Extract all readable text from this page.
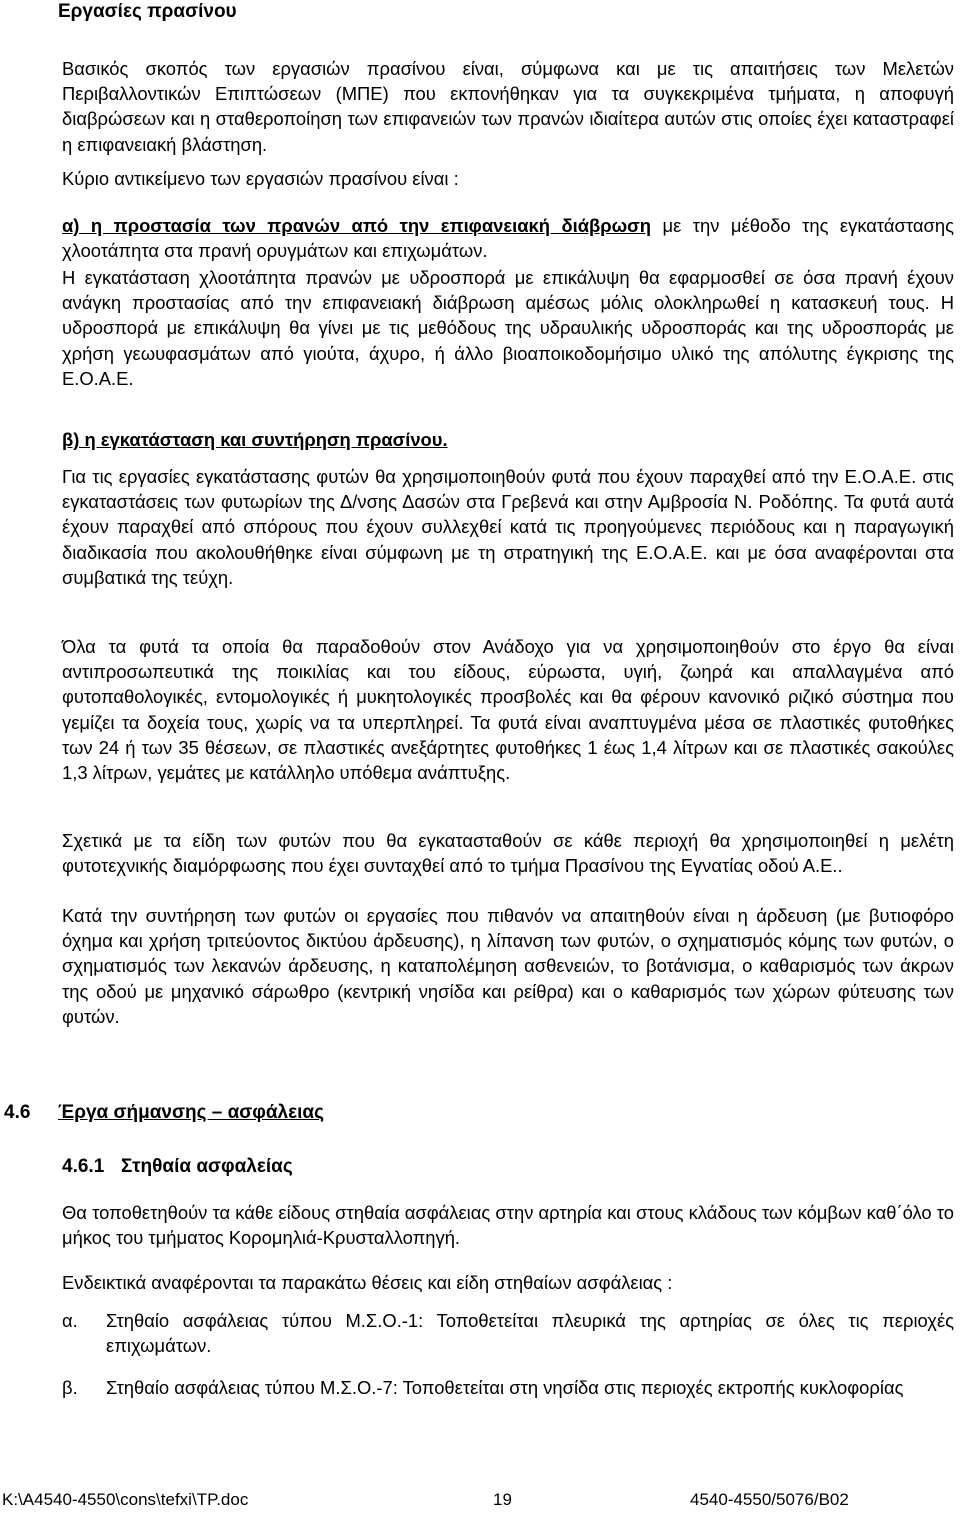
Εργασίες πρασίνου

Βασικός σκοπός των εργασιών πρασίνου είναι, σύμφωνα και με τις απαιτήσεις των Μελετών Περιβαλλοντικών Επιπτώσεων (ΜΠΕ) που εκπονήθηκαν για τα συγκεκριμένα τμήματα, η αποφυγή διαβρώσεων και η σταθεροποίηση των επιφανειών των πρανών ιδιαίτερα αυτών στις οποίες έχει καταστραφεί η επιφανειακή βλάστηση.

Κύριο αντικείμενο των εργασιών πρασίνου είναι :

α) η προστασία των πρανών από την επιφανειακή διάβρωση με την μέθοδο της εγκατάστασης χλοοτάπητα στα πρανή ορυγμάτων και επιχωμάτων.

Η εγκατάσταση χλοοτάπητα πρανών με υδροσπορά με επικάλυψη θα εφαρμοσθεί σε όσα πρανή έχουν ανάγκη προστασίας από την επιφανειακή διάβρωση αμέσως μόλις ολοκληρωθεί η κατασκευή τους. Η υδροσπορά με επικάλυψη θα γίνει με τις μεθόδους της υδραυλικής υδροσποράς και της υδροσποράς με χρήση γεωυφασμάτων από γιούτα, άχυρο, ή άλλο βιοαποικοδομήσιμο υλικό της απόλυτης έγκρισης της Ε.Ο.Α.Ε.

β) η εγκατάσταση και συντήρηση πρασίνου.

Για τις εργασίες εγκατάστασης φυτών θα χρησιμοποιηθούν φυτά που έχουν παραχθεί από την Ε.Ο.Α.Ε. στις εγκαταστάσεις των φυτωρίων της Δ/νσης Δασών στα Γρεβενά και στην Αμβροσία Ν. Ροδόπης. Τα φυτά αυτά έχουν παραχθεί από σπόρους που έχουν συλλεχθεί κατά τις προηγούμενες περιόδους και η παραγωγική διαδικασία που ακολουθήθηκε είναι σύμφωνη με τη στρατηγική της Ε.Ο.Α.Ε. και με όσα αναφέρονται στα συμβατικά της τεύχη.

Όλα τα φυτά τα οποία θα παραδοθούν στον Ανάδοχο για να χρησιμοποιηθούν στο έργο θα είναι αντιπροσωπευτικά της ποικιλίας και του είδους, εύρωστα, υγιή, ζωηρά και απαλλαγμένα από φυτοπαθολογικές, εντομολογικές ή μυκητολογικές προσβολές και θα φέρουν κανονικό ριζικό σύστημα που γεμίζει τα δοχεία τους, χωρίς να τα υπερπληρεί. Τα φυτά είναι αναπτυγμένα μέσα σε πλαστικές φυτοθήκες των 24 ή των 35 θέσεων, σε πλαστικές ανεξάρτητες φυτοθήκες 1 έως 1,4 λίτρων και σε πλαστικές σακούλες 1,3 λίτρων, γεμάτες με κατάλληλο υπόθεμα ανάπτυξης.

Σχετικά με τα είδη των φυτών που θα εγκατασταθούν σε κάθε περιοχή θα χρησιμοποιηθεί η μελέτη φυτοτεχνικής διαμόρφωσης που έχει συνταχθεί από το τμήμα Πρασίνου της Εγνατίας οδού Α.Ε..

Κατά την συντήρηση των φυτών οι εργασίες που πιθανόν να απαιτηθούν είναι η άρδευση (με βυτιοφόρο όχημα και χρήση τριτεύοντος δικτύου άρδευσης), η λίπανση των φυτών, ο σχηματισμός κόμης των φυτών, ο σχηματισμός των λεκανών άρδευσης, η καταπολέμηση ασθενειών, το βοτάνισμα, ο καθαρισμός των άκρων της οδού με μηχανικό σάρωθρο (κεντρική νησίδα και ρείθρα) και ο καθαρισμός των χώρων φύτευσης των φυτών.

4.6 Έργα σήμανσης – ασφάλειας
4.6.1 Στηθαία ασφαλείας

Θα τοποθετηθούν τα κάθε είδους στηθαία ασφάλειας στην αρτηρία και στους κλάδους των κόμβων καθ΄όλο το μήκος του τμήματος Κορομηλιά-Κρυσταλλοπηγή.

Ενδεικτικά αναφέρονται τα παρακάτω θέσεις και είδη στηθαίων ασφάλειας :

α. Στηθαίο ασφάλειας τύπου Μ.Σ.Ο.-1: Τοποθετείται πλευρικά της αρτηρίας σε όλες τις περιοχές επιχωμάτων.
β. Στηθαίο ασφάλειας τύπου Μ.Σ.Ο.-7: Τοποθετείται στη νησίδα στις περιοχές εκτροπής κυκλοφορίας
K:\A4540-4550\cons\tefxi\TP.doc	19	4540-4550/5076/B02
